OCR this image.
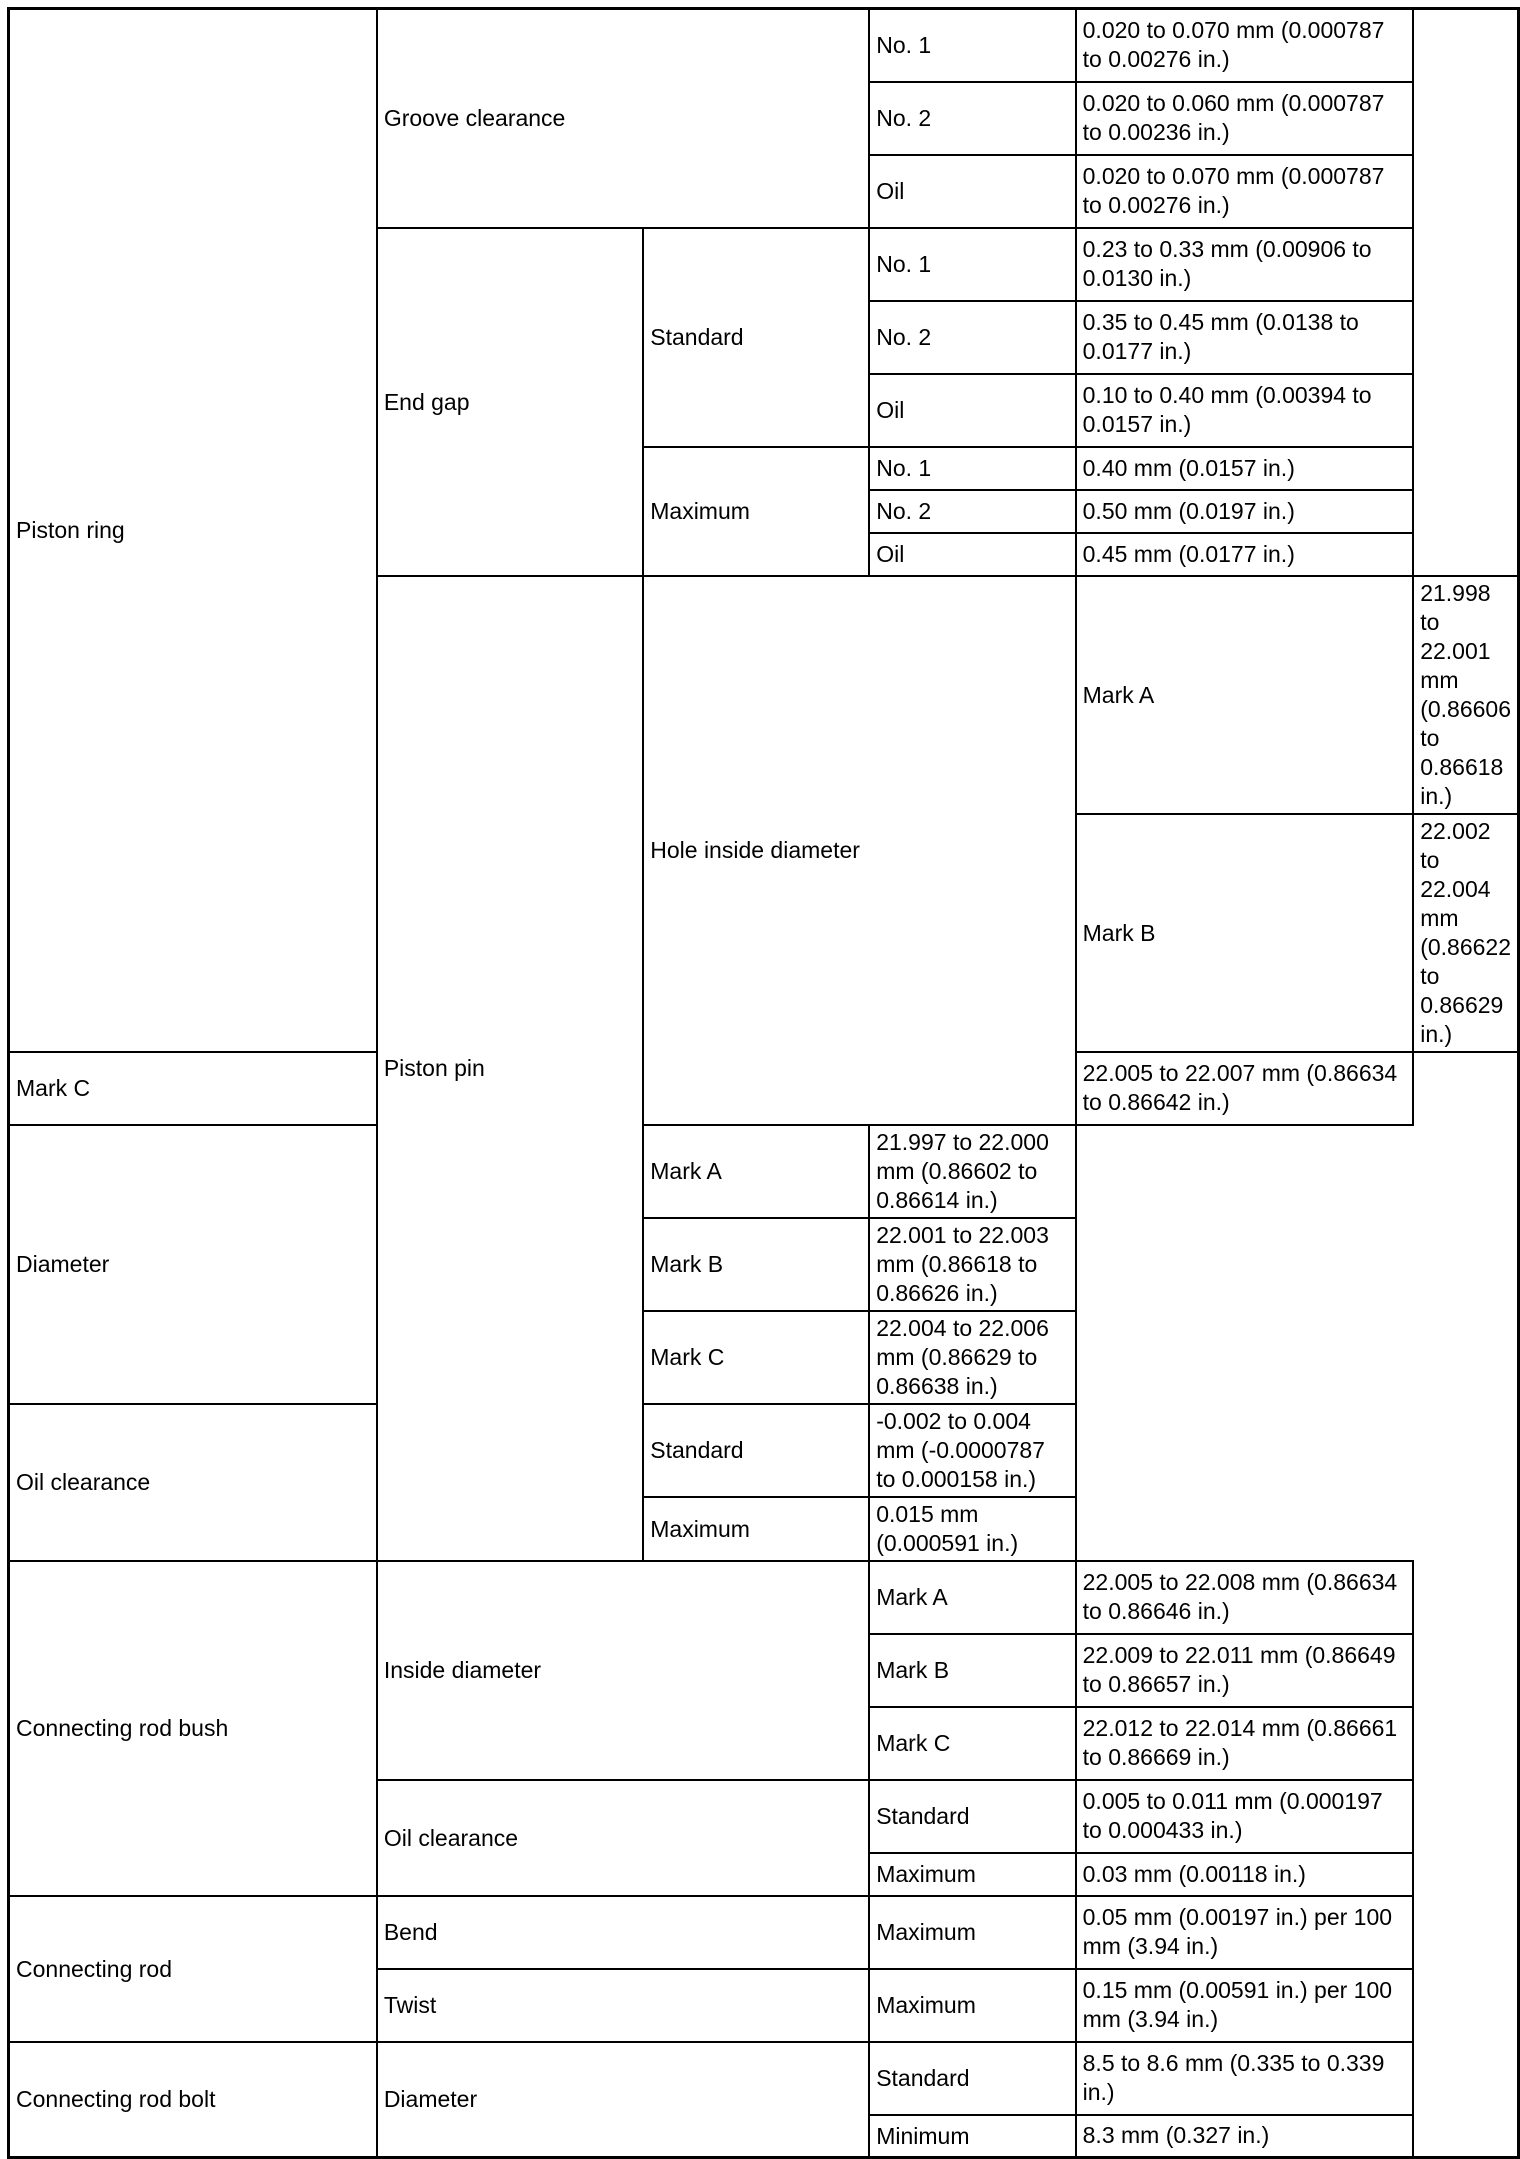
Piston ring	Groove clearance		No. 1	0.020 to 0.070 mm (0.000787 to 0.00276 in.)	
			No. 2	0.020 to 0.060 mm (0.000787 to 0.00236 in.)	
			Oil	0.020 to 0.070 mm (0.000787 to 0.00276 in.)	
	End gap	Standard	No. 1	0.23 to 0.33 mm (0.00906 to 0.0130 in.)	
			No. 2	0.35 to 0.45 mm (0.0138 to 0.0177 in.)	
			Oil	0.10 to 0.40 mm (0.00394 to 0.0157 in.)	
		Maximum	No. 1	0.40 mm (0.0157 in.)	
			No. 2	0.50 mm (0.0197 in.)	
			Oil	0.45 mm (0.0177 in.)	
	Piston pin	Hole inside diameter		Mark A	21.998 to 22.001 mm (0.86606 to 0.86618 in.)
				Mark B	22.002 to 22.004 mm (0.86622 to 0.86629 in.)
Mark C				22.005 to 22.007 mm (0.86634 to 0.86642 in.)	
Diameter		Mark A	21.997 to 22.000 mm (0.86602 to 0.86614 in.)		
		Mark B	22.001 to 22.003 mm (0.86618 to 0.86626 in.)		
		Mark C	22.004 to 22.006 mm (0.86629 to 0.86638 in.)		
Oil clearance		Standard	-0.002 to 0.004 mm (-0.0000787 to 0.000158 in.)		
		Maximum	0.015 mm (0.000591 in.)		
Connecting rod bush	Inside diameter		Mark A	22.005 to 22.008 mm (0.86634 to 0.86646 in.)	
			Mark B	22.009 to 22.011 mm (0.86649 to 0.86657 in.)	
			Mark C	22.012 to 22.014 mm (0.86661 to 0.86669 in.)	
	Oil clearance		Standard	0.005 to 0.011 mm (0.000197 to 0.000433 in.)	
			Maximum	0.03 mm (0.00118 in.)	
Connecting rod	Bend		Maximum	0.05 mm (0.00197 in.) per 100 mm (3.94 in.)	
	Twist		Maximum	0.15 mm (0.00591 in.) per 100 mm (3.94 in.)	
Connecting rod bolt	Diameter		Standard	8.5 to 8.6 mm (0.335 to 0.339 in.)	
			Minimum	8.3 mm (0.327 in.)	
